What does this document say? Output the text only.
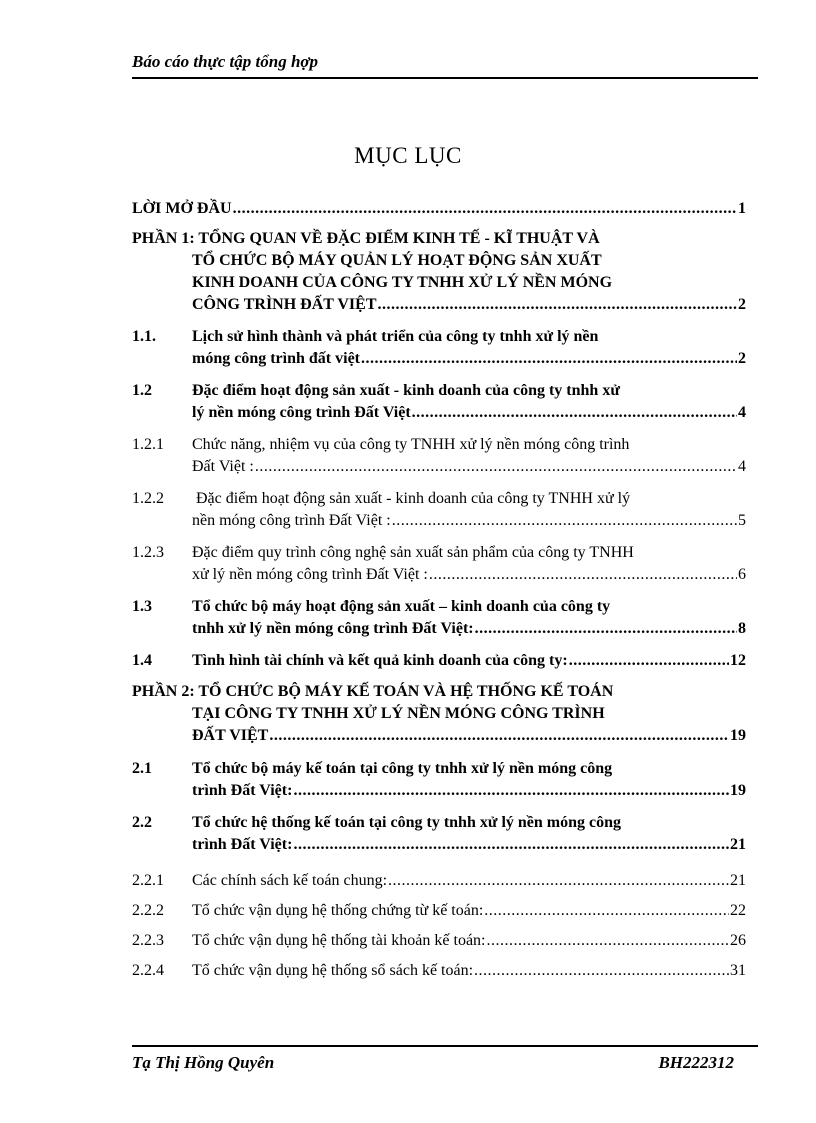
Báo cáo thực tập tổng hợp
MỤC LỤC
LỜI MỞ ĐẦU .....	1
PHẦN 1: TỔNG QUAN VỀ ĐẶC ĐIỂM KINH TẾ - KĨ THUẬT VÀ
TỔ CHỨC BỘ MÁY QUẢN LÝ HOẠT ĐỘNG SẢN XUẤT
KINH DOANH CỦA CÔNG TY TNHH XỬ LÝ NỀN MÓNG
CÔNG TRÌNH ĐẤT VIỆT .....	2
1.1. Lịch sử hình thành và phát triển của công ty tnhh xử lý nền
móng công trình đất việt .....	2
1.2	Đặc điểm hoạt động sản xuất - kinh doanh của công ty tnhh xử
lý nền móng công trình Đất Việt .....	4
1.2.1 Chức năng, nhiệm vụ của công ty TNHH xử lý nền móng công trình
Đất Việt : .....	4
1.2.2 Đặc điểm hoạt động sản xuất - kinh doanh của công ty TNHH xử lý
nền móng công trình Đất Việt : .....	5
1.2.3 Đặc điểm quy trình công nghệ sản xuất sản phẩm của công ty TNHH
xử lý nền móng công trình Đất Việt : .....	6
1.3	Tổ chức bộ máy hoạt động sản xuất – kinh doanh của công ty
tnhh xử lý nền móng công trình Đất Việt: .....	8
1.4	Tình hình tài chính và kết quả kinh doanh của công ty: .....	12
PHẦN 2: TỔ CHỨC BỘ MÁY KẾ TOÁN VÀ HỆ THỐNG KẾ TOÁN
TẠI CÔNG TY TNHH XỬ LÝ NỀN MÓNG CÔNG TRÌNH
ĐẤT VIỆT .....	19
2.1	Tổ chức bộ máy kế toán tại công ty tnhh xử lý nền móng công
trình Đất Việt: .....	19
2.2	Tổ chức hệ thống kế toán tại công ty tnhh xử lý nền móng công
trình Đất Việt: .....	21
2.2.1 Các chính sách kế toán chung: .....	21
2.2.2 Tổ chức vận dụng hệ thống chứng từ kế toán: .....	22
2.2.3 Tổ chức vận dụng hệ thống tài khoản kế toán: .....	26
2.2.4 Tổ chức vận dụng hệ thống sổ sách kế toán: .....	31
Tạ Thị Hồng Quyên	BH222312
